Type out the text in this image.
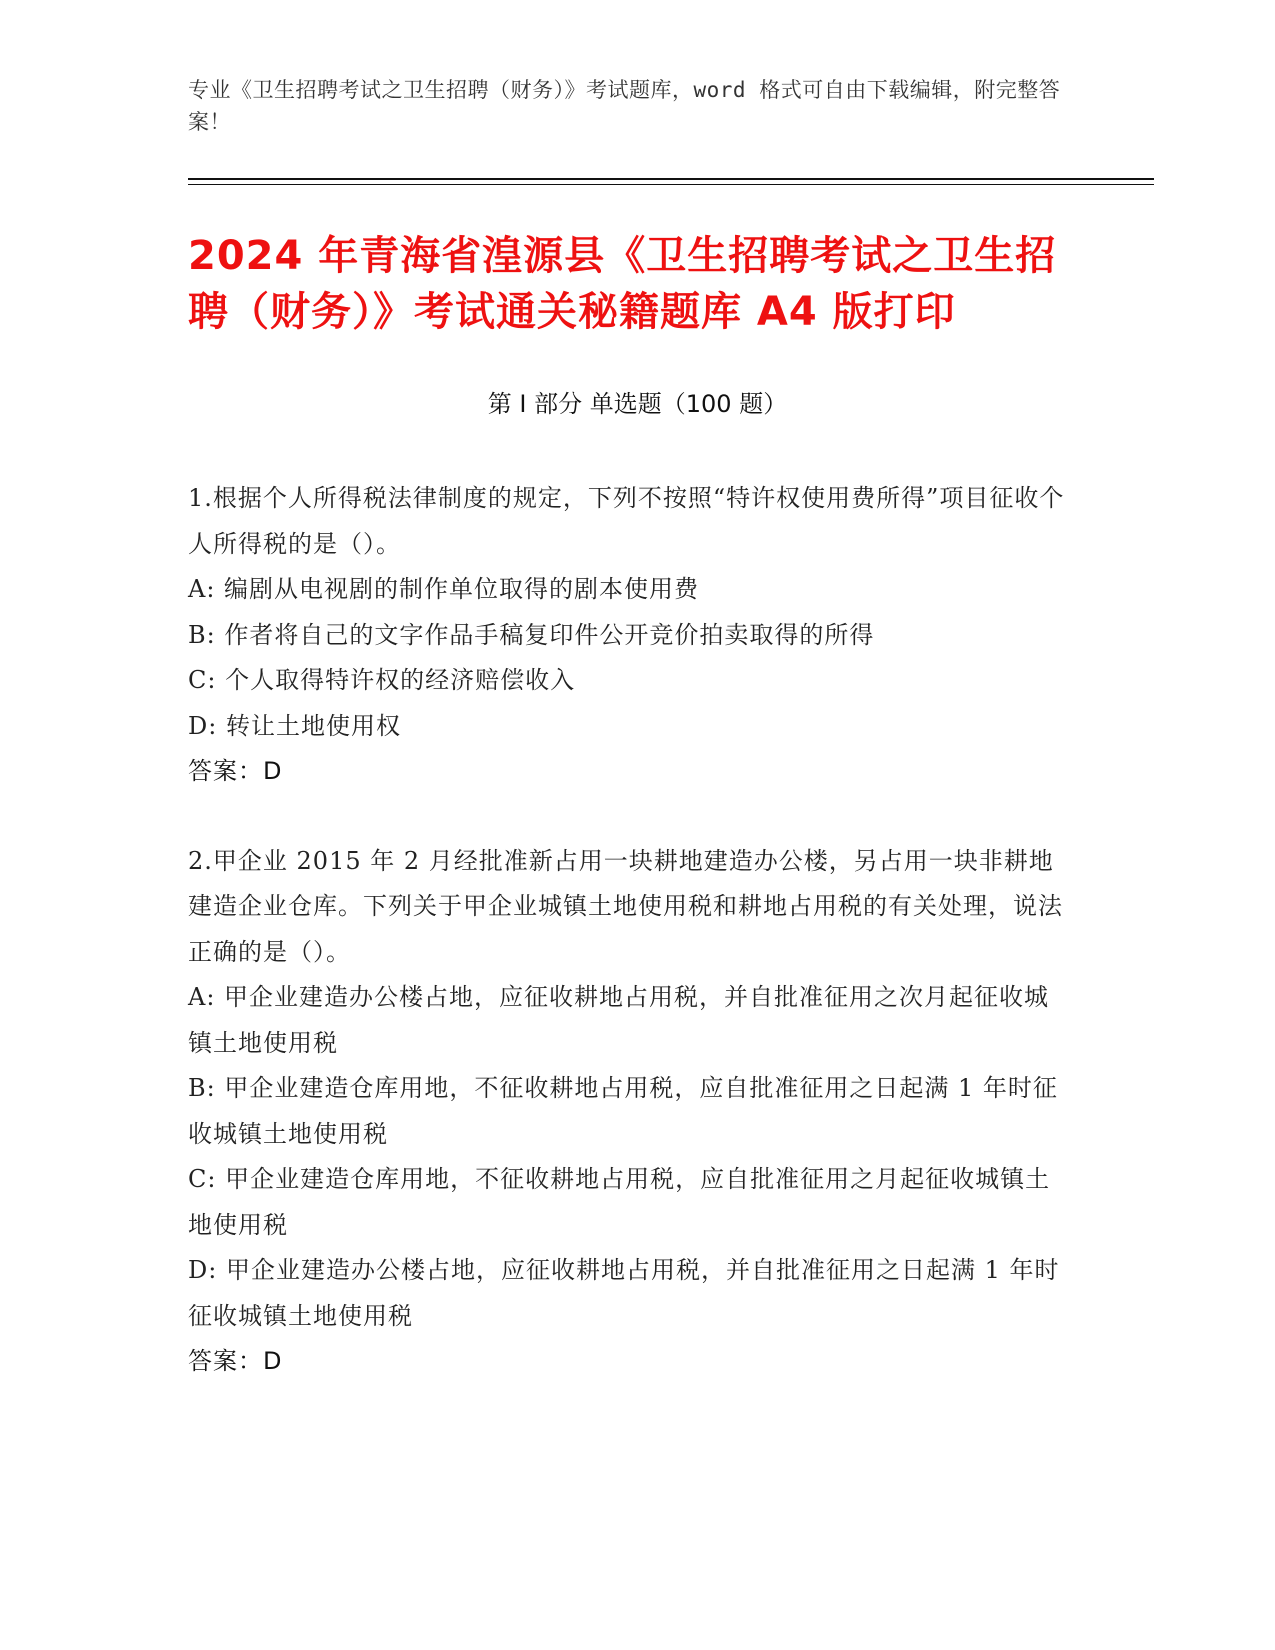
专业《卫生招聘考试之卫生招聘（财务）》考试题库，word 格式可自由下载编辑，附完整答案！
2024 年青海省湟源县《卫生招聘考试之卫生招聘（财务）》考试通关秘籍题库 A4 版打印
第 I 部分 单选题（100 题）

1.根据个人所得税法律制度的规定，下列不按照“特许权使用费所得”项目征收个人所得税的是（）。

A: 编剧从电视剧的制作单位取得的剧本使用费

B: 作者将自己的文字作品手稿复印件公开竞价拍卖取得的所得

C: 个人取得特许权的经济赔偿收入

D: 转让土地使用权

答案：D

2.甲企业 2015 年 2 月经批准新占用一块耕地建造办公楼，另占用一块非耕地建造企业仓库。下列关于甲企业城镇土地使用税和耕地占用税的有关处理，说法正确的是（）。

A: 甲企业建造办公楼占地，应征收耕地占用税，并自批准征用之次月起征收城镇土地使用税

B: 甲企业建造仓库用地，不征收耕地占用税，应自批准征用之日起满 1 年时征收城镇土地使用税

C: 甲企业建造仓库用地，不征收耕地占用税，应自批准征用之月起征收城镇土地使用税

D: 甲企业建造办公楼占地，应征收耕地占用税，并自批准征用之日起满 1 年时征收城镇土地使用税

答案：D
